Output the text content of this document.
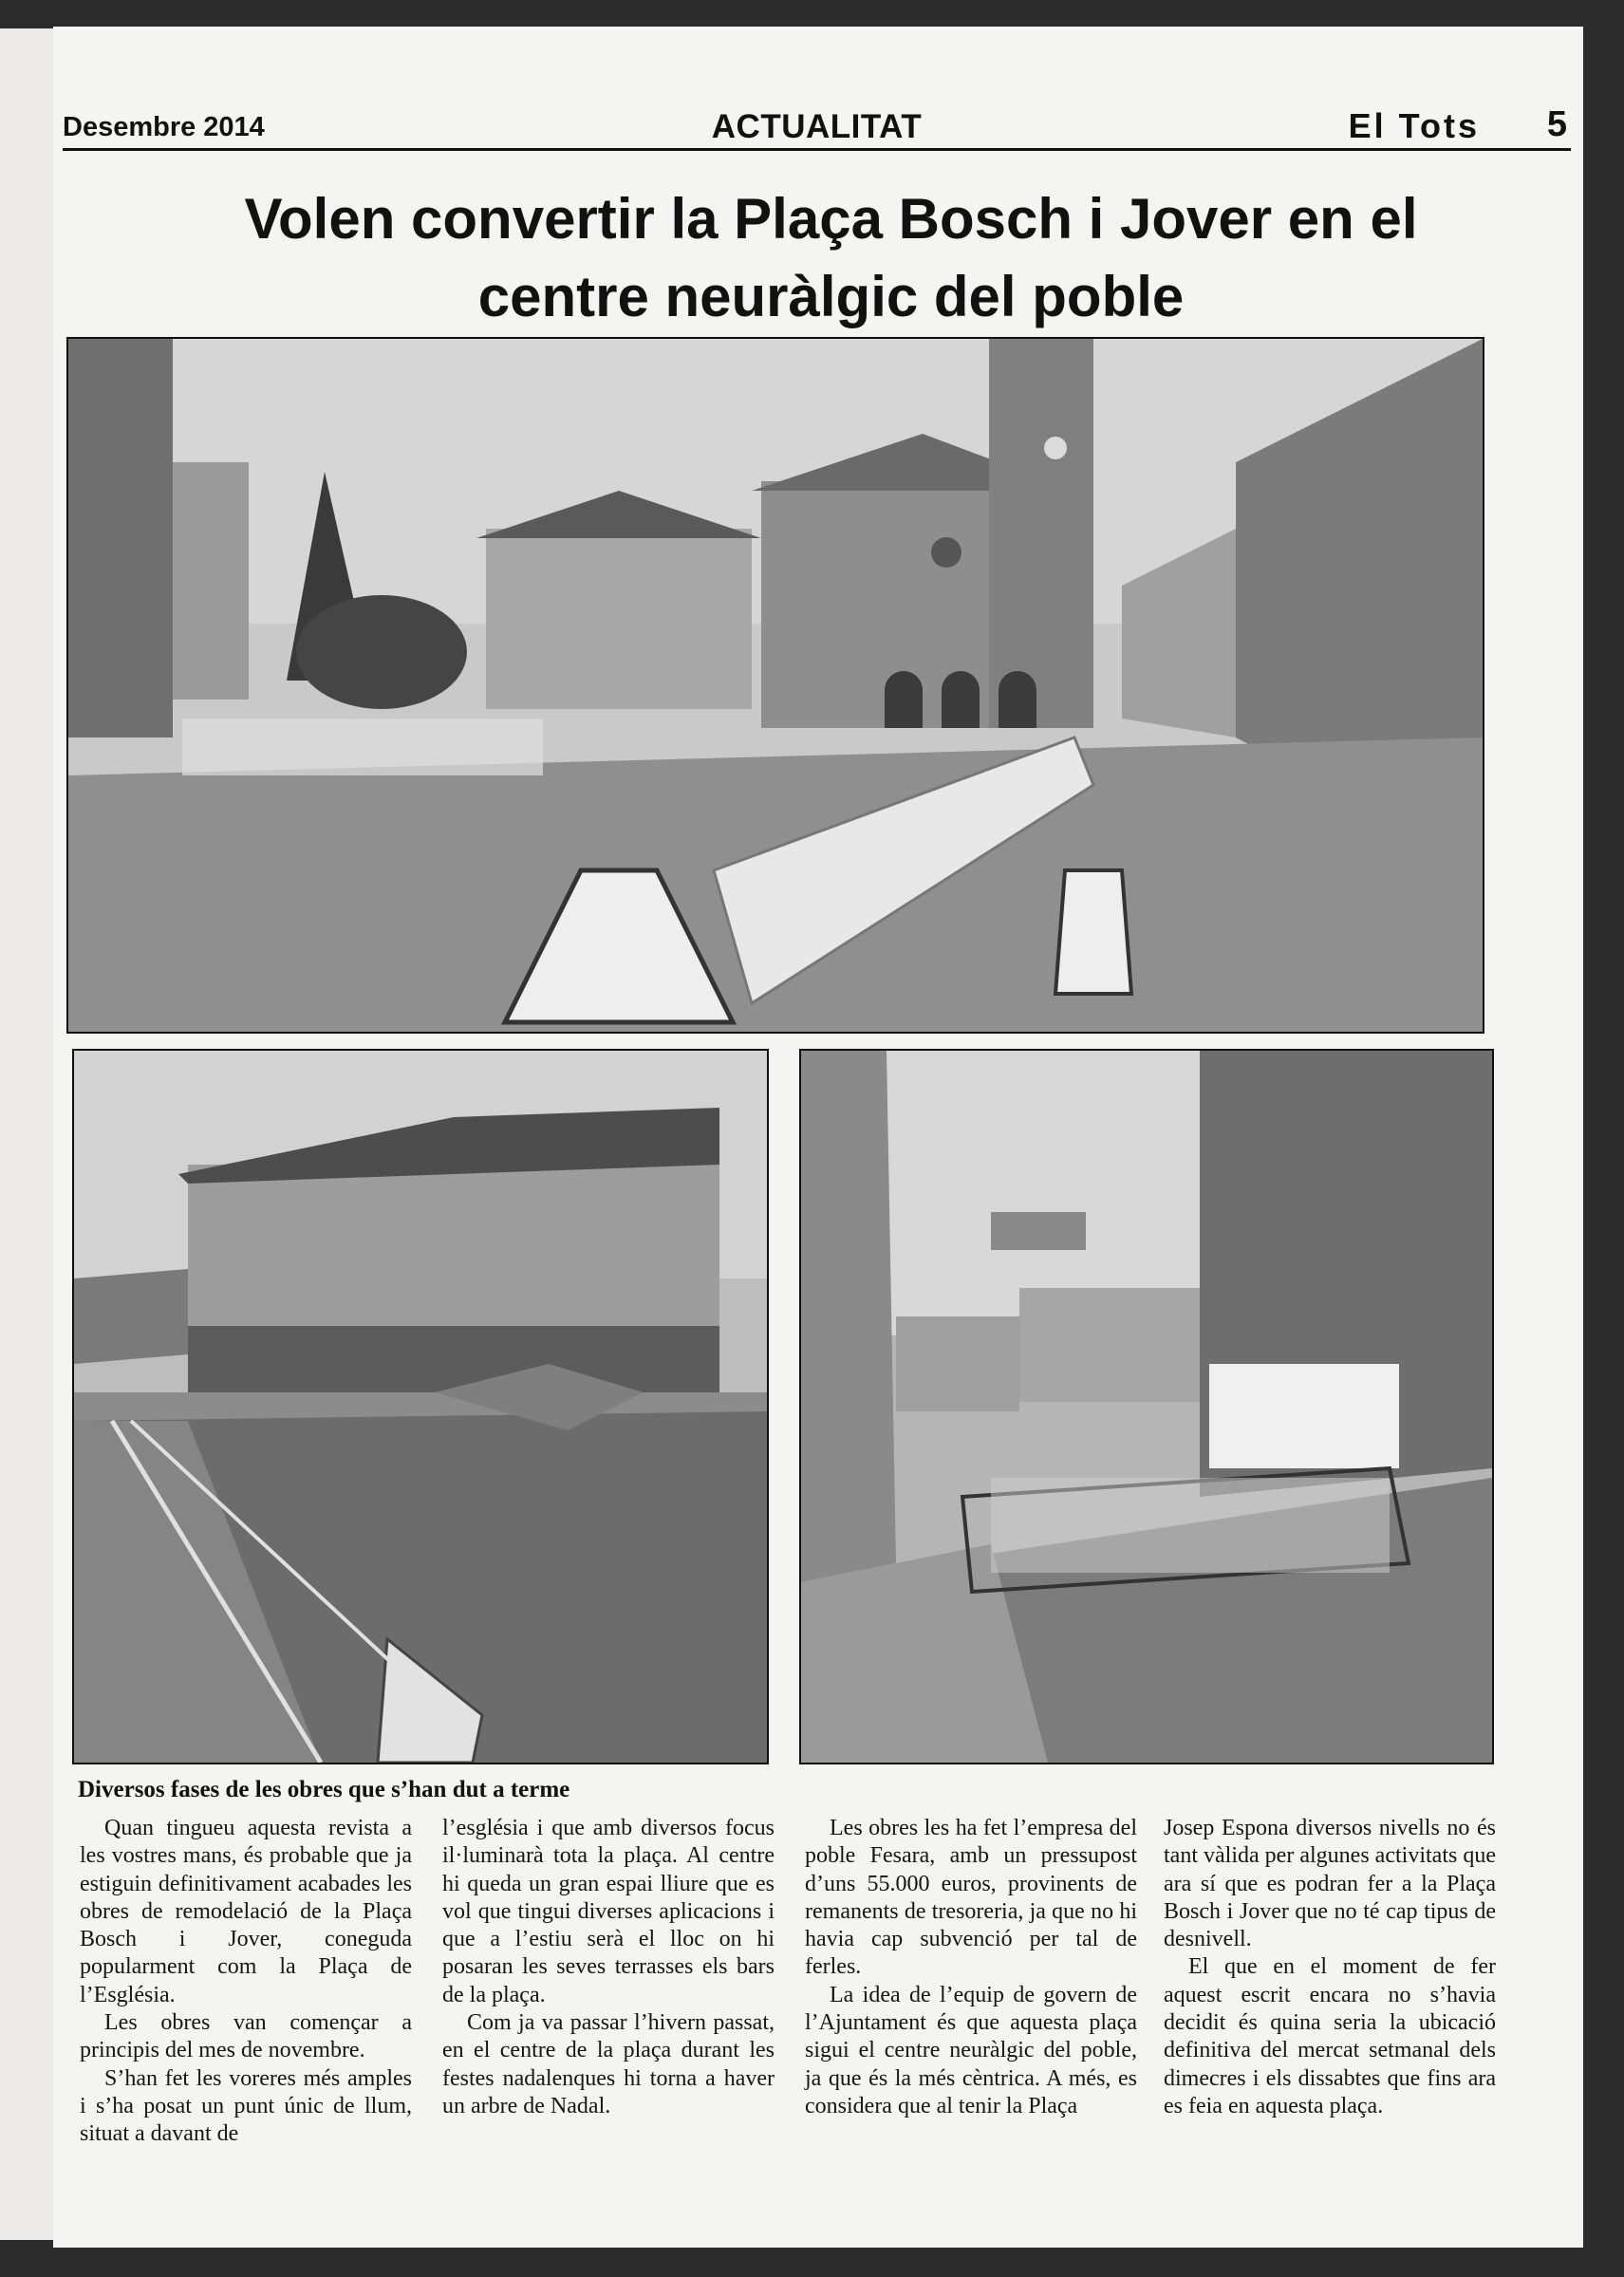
Desembre 2014	ACTUALITAT	El Tots 5
Volen convertir la Plaça Bosch i Jover en el
centre neuràlgic del poble
Diversos fases de les obres que s’han dut a terme

Quan tingueu aquesta revista a les vostres mans, és probable que ja estiguin definitivament acabades les obres de remodelació de la Plaça Bosch i Jover, coneguda popularment com la Plaça de l’Església.

Les obres van començar a principis del mes de novembre.

S’han fet les voreres més amples i s’ha posat un punt únic de llum, situat a davant de

l’església i que amb diversos focus il·luminarà tota la plaça. Al centre hi queda un gran espai lliure que es vol que tingui diverses aplicacions i que a l’estiu serà el lloc on hi posaran les seves terrasses els bars de la plaça.

Com ja va passar l’hivern passat, en el centre de la plaça durant les festes nadalenques hi torna a haver un arbre de Nadal.

Les obres les ha fet l’empresa del poble Fesara, amb un pressupost d’uns 55.000 euros, provinents de remanents de tresoreria, ja que no hi havia cap subvenció per tal de ferles.

La idea de l’equip de govern de l’Ajuntament és que aquesta plaça sigui el centre neuràlgic del poble, ja que és la més cèntrica. A més, es considera que al tenir la Plaça

Josep Espona diversos nivells no és tant vàlida per algunes activitats que ara sí que es podran fer a la Plaça Bosch i Jover que no té cap tipus de desnivell.

El que en el moment de fer aquest escrit encara no s’havia decidit és quina seria la ubicació definitiva del mercat setmanal dels dimecres i els dissabtes que fins ara es feia en aquesta plaça.
